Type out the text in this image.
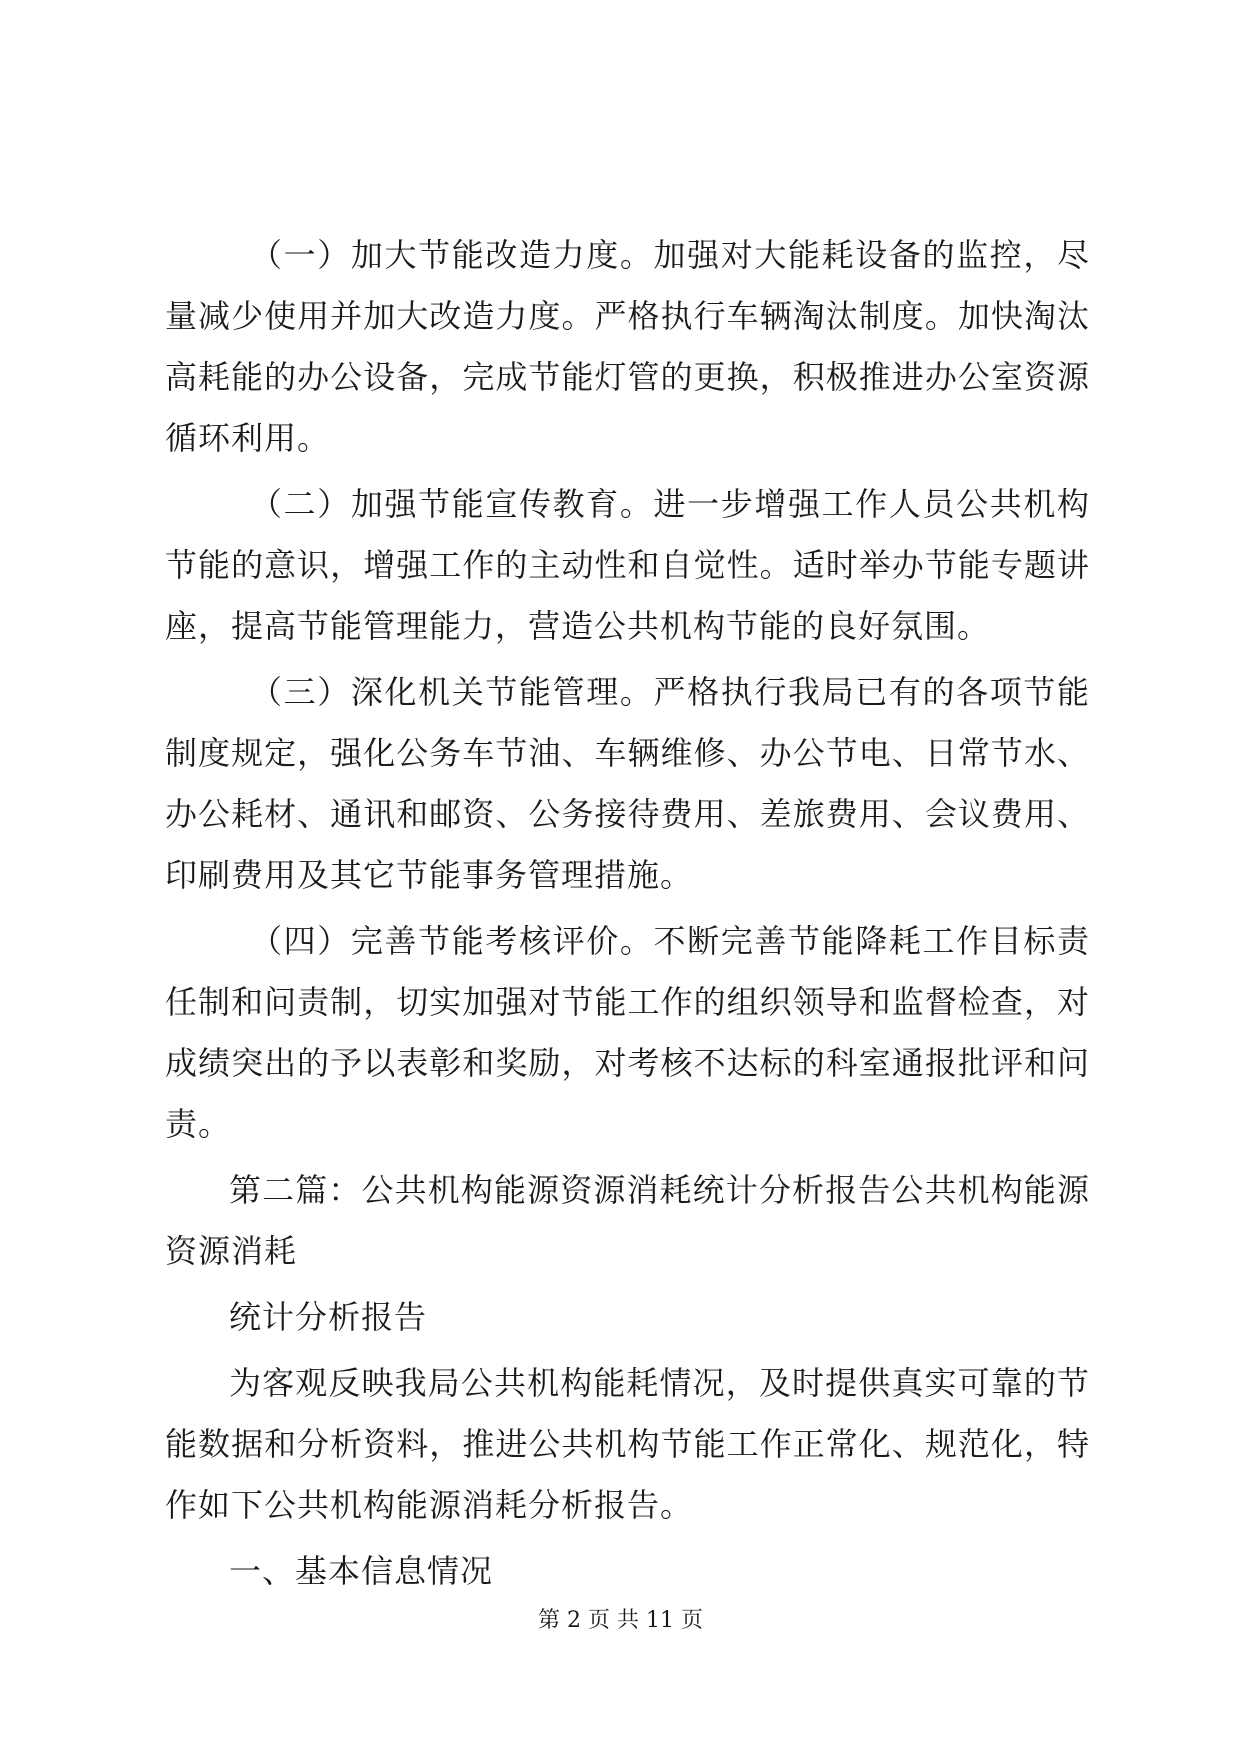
（一）加大节能改造力度。加强对大能耗设备的监控，尽量减少使用并加大改造力度。严格执行车辆淘汰制度。加快淘汰高耗能的办公设备，完成节能灯管的更换，积极推进办公室资源循环利用。

（二）加强节能宣传教育。进一步增强工作人员公共机构节能的意识，增强工作的主动性和自觉性。适时举办节能专题讲座，提高节能管理能力，营造公共机构节能的良好氛围。

（三）深化机关节能管理。严格执行我局已有的各项节能制度规定，强化公务车节油、车辆维修、办公节电、日常节水、办公耗材、通讯和邮资、公务接待费用、差旅费用、会议费用、印刷费用及其它节能事务管理措施。

（四）完善节能考核评价。不断完善节能降耗工作目标责任制和问责制，切实加强对节能工作的组织领导和监督检查，对成绩突出的予以表彰和奖励，对考核不达标的科室通报批评和问责。

第二篇：公共机构能源资源消耗统计分析报告公共机构能源资源消耗

统计分析报告

为客观反映我局公共机构能耗情况，及时提供真实可靠的节能数据和分析资料，推进公共机构节能工作正常化、规范化，特作如下公共机构能源消耗分析报告。

一、基本信息情况

第 2 页 共 11 页
